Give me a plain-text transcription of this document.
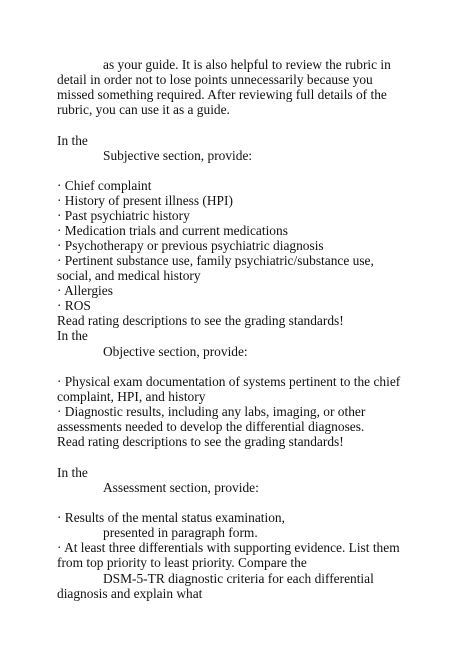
as your guide. It is also helpful to review the rubric in
detail in order not to lose points unnecessarily because you
missed something required. After reviewing full details of the
rubric, you can use it as a guide.
In the
Subjective section, provide:
· Chief complaint
· History of present illness (HPI)
· Past psychiatric history
· Medication trials and current medications
· Psychotherapy or previous psychiatric diagnosis
· Pertinent substance use, family psychiatric/substance use,
social, and medical history
· Allergies
· ROS
Read rating descriptions to see the grading standards!
In the
Objective section, provide:
· Physical exam documentation of systems pertinent to the chief
complaint, HPI, and history
· Diagnostic results, including any labs, imaging, or other
assessments needed to develop the differential diagnoses.
Read rating descriptions to see the grading standards!
In the
Assessment section, provide:
· Results of the mental status examination,
presented in paragraph form.
· At least three differentials with supporting evidence. List them
from top priority to least priority. Compare the
DSM-5-TR diagnostic criteria for each differential
diagnosis and explain what
